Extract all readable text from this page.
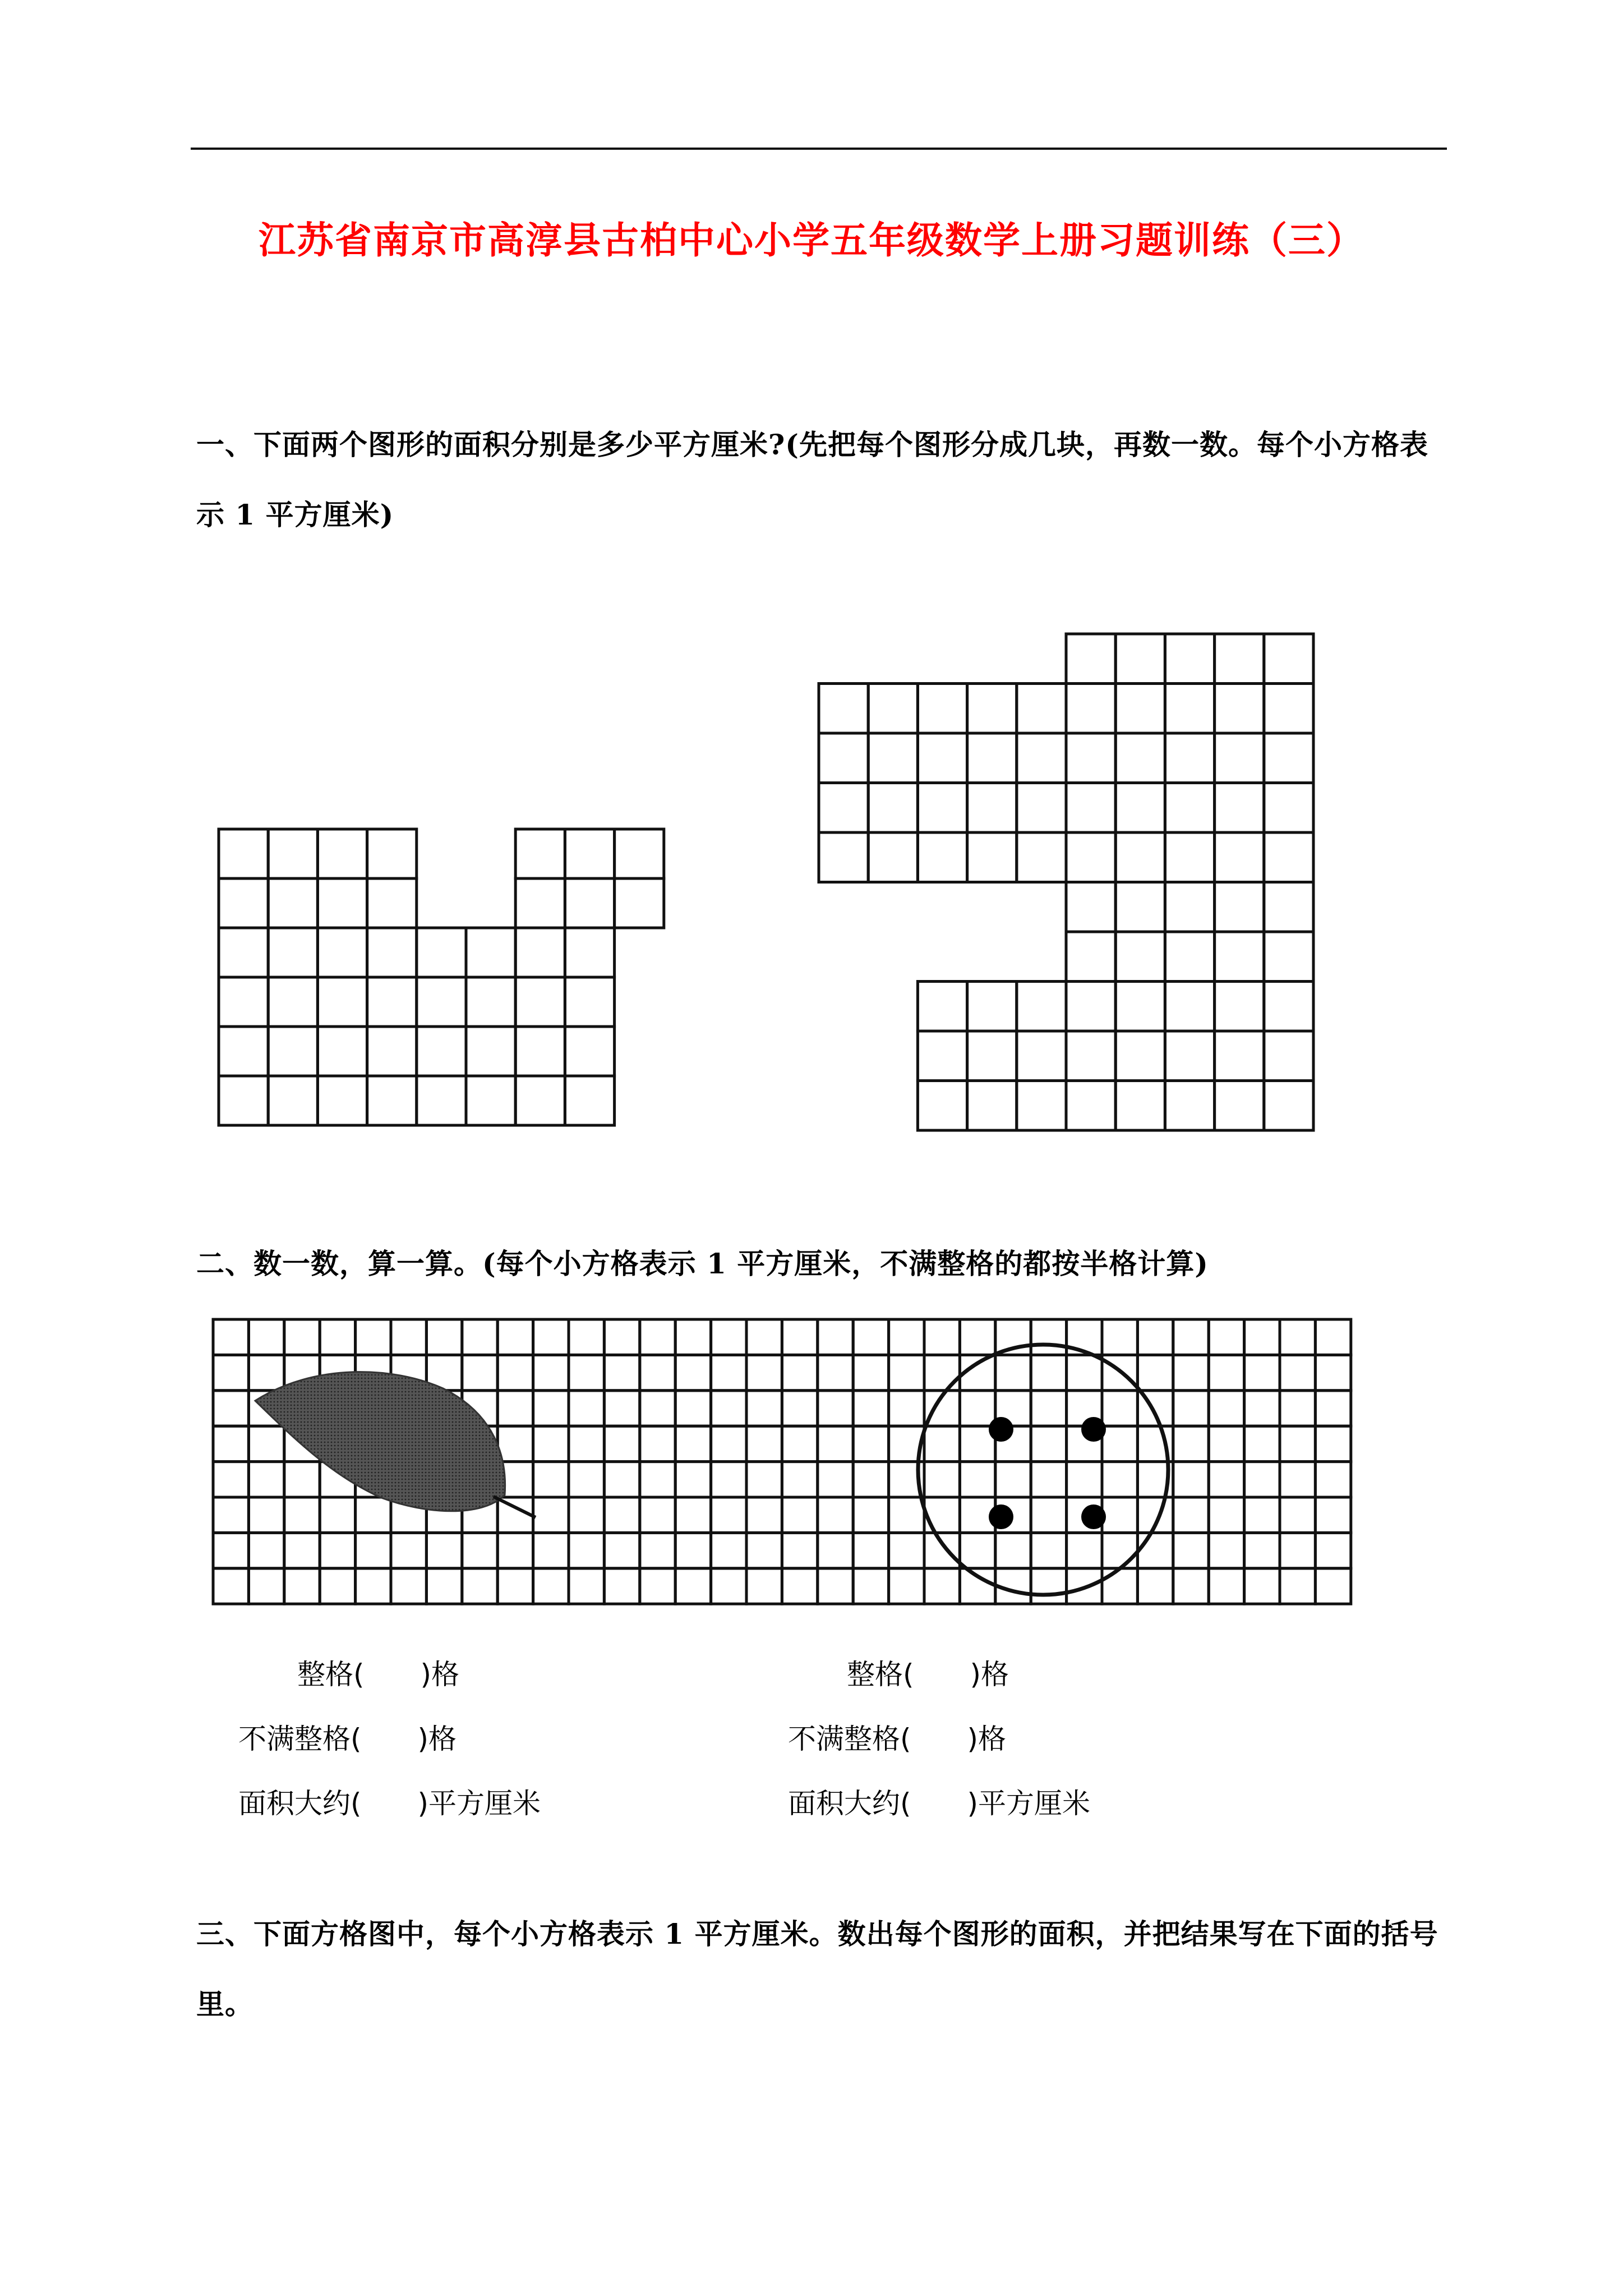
江苏省南京市高淳县古柏中心小学五年级数学上册习题训练（三）
一、下面两个图形的面积分别是多少平方厘米?(先把每个图形分成几块，再数一数。每个小方格表示 1 平方厘米)
二、数一数，算一算。(每个小方格表示 1 平方厘米，不满整格的都按半格计算)
整格(　　)格
不满整格(　　)格
面积大约(　　)平方厘米
整格(　　)格
不满整格(　　)格
面积大约(　　)平方厘米
三、下面方格图中，每个小方格表示 1 平方厘米。数出每个图形的面积，并把结果写在下面的括号里。
